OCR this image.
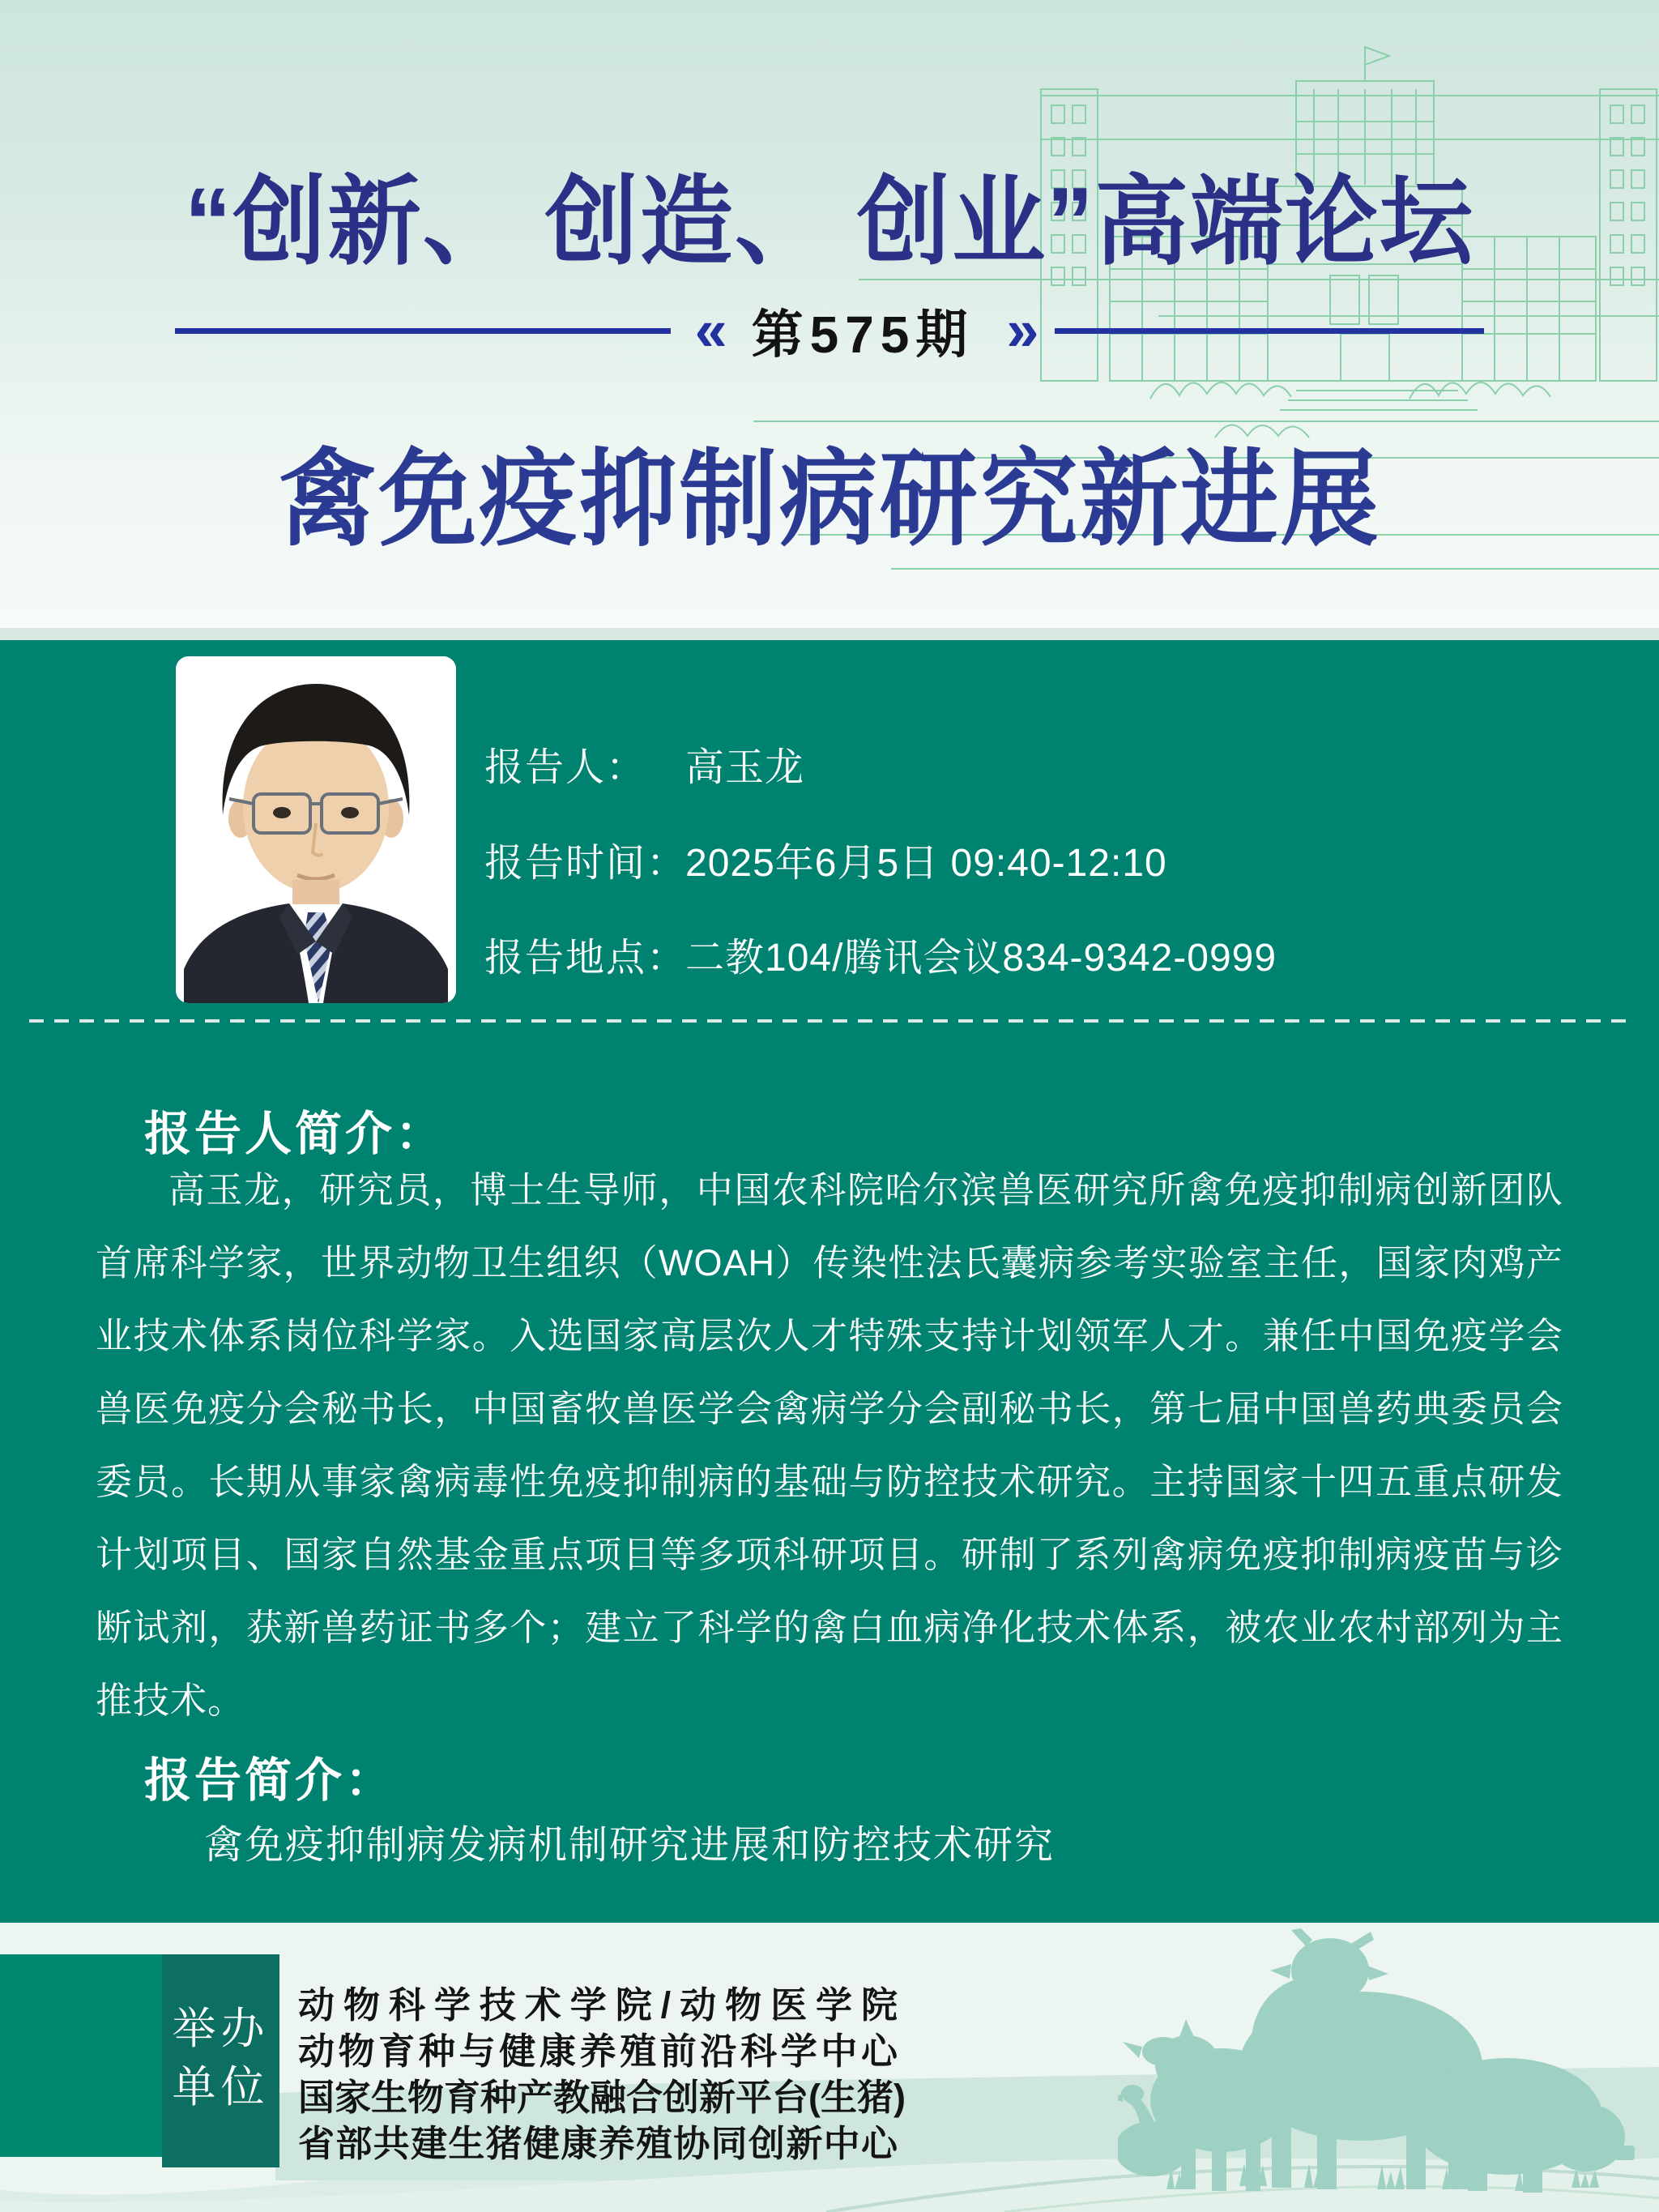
“创新、 创造、 创业”高端论坛
« 第575期 »
禽免疫抑制病研究新进展
报告人： 高玉龙
报告时间：
2025年6月5日 09:40-12:10
报告地点：
二教104/腾讯会议834-9342-0999
报告人简介：
高玉龙，研究员，博士生导师，中国农科院哈尔滨兽医研究所禽免疫抑制病创新团队首席科学家，世界动物卫生组织（WOAH）传染性法氏囊病参考实验室主任，国家肉鸡产业技术体系岗位科学家。入选国家高层次人才特殊支持计划领军人才。兼任中国免疫学会兽医免疫分会秘书长，中国畜牧兽医学会禽病学分会副秘书长，第七届中国兽药典委员会委员。长期从事家禽病毒性免疫抑制病的基础与防控技术研究。主持国家十四五重点研发计划项目、国家自然基金重点项目等多项科研项目。研制了系列禽病免疫抑制病疫苗与诊断试剂，获新兽药证书多个；建立了科学的禽白血病净化技术体系，被农业农村部列为主推技术。
报告简介：
禽免疫抑制病发病机制研究进展和防控技术研究
举办
单位
动物科学技术学院/动物医学院
动物育种与健康养殖前沿科学中心
国家生物育种产教融合创新平台(生猪)
省部共建生猪健康养殖协同创新中心
